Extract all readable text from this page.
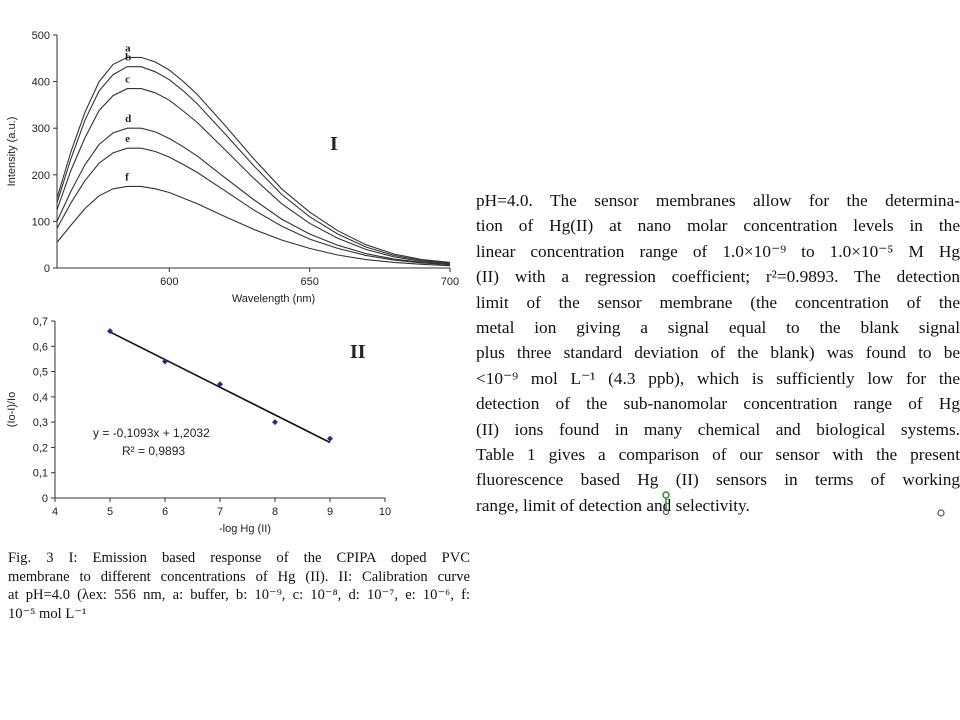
0
100
200
300
400
500
600	650	700
Wavelength (nm)
Intensity (a.u.)	I
a
b
c
d
e
f
0
0,1
0,2
0,3
0,4
0,5
0,6
0,7
4	5	6	7	8	9	10
-log Hg (II)
(Io-I)/Io
II
y = -0,1093x + 1,2032
R² = 0,9893

pH=4.0. The sensor membranes allow for the determina-
tion of Hg(II) at nano molar concentration levels in the
linear concentration range of 1.0×10⁻⁹ to 1.0×10⁻⁵ M Hg
(II) with a regression coefficient; r²=0.9893. The detection
limit of the sensor membrane (the concentration of the
metal ion giving a signal equal to the blank signal
plus three standard deviation of the blank) was found to be
<10⁻⁹ mol L⁻¹ (4.3 ppb), which is sufficiently low for the
detection of the sub-nanomolar concentration range of Hg
(II) ions found in many chemical and biological systems.
Table 1 gives a comparison of our sensor with the present
fluorescence based Hg (II) sensors in terms of working
range, limit of detection and selectivity.

Fig. 3 I: Emission based response of the CPIPA doped PVC
membrane to different concentrations of Hg (II). II: Calibration curve
at pH=4.0 (λex: 556 nm, a: buffer, b: 10⁻⁹, c: 10⁻⁸, d: 10⁻⁷, e: 10⁻⁶, f:
10⁻⁵ mol L⁻¹
